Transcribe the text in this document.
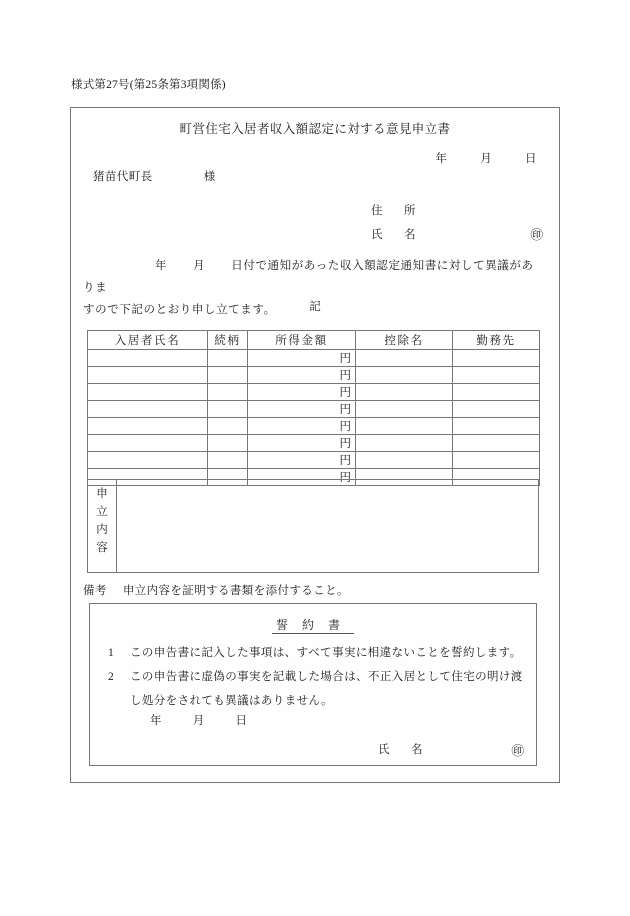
様式第27号(第25条第3項関係)
町営住宅入居者収入額認定に対する意見申立書
年	月	日
猪苗代町長	様
住　所
氏　名	㊞
年 月 日付で通知があった収入額認定通知書に対して異議がありま
すので下記のとおり申し立てます。	記
入居者氏名	続柄	所得金額	控除名	勤務先
		円		
		円		
		円		
		円		
		円		
		円		
		円		
		円		
申
立
内
容

備考 申立内容を証明する書類を添付すること。
誓約書
1 この申告書に記入した事項は、すべて事実に相違ないことを誓約します。
2 この申告書に虚偽の事実を記載した場合は、不正入居として住宅の明け渡し処分をされても異議はありません。
年	月	日
氏　名	㊞
